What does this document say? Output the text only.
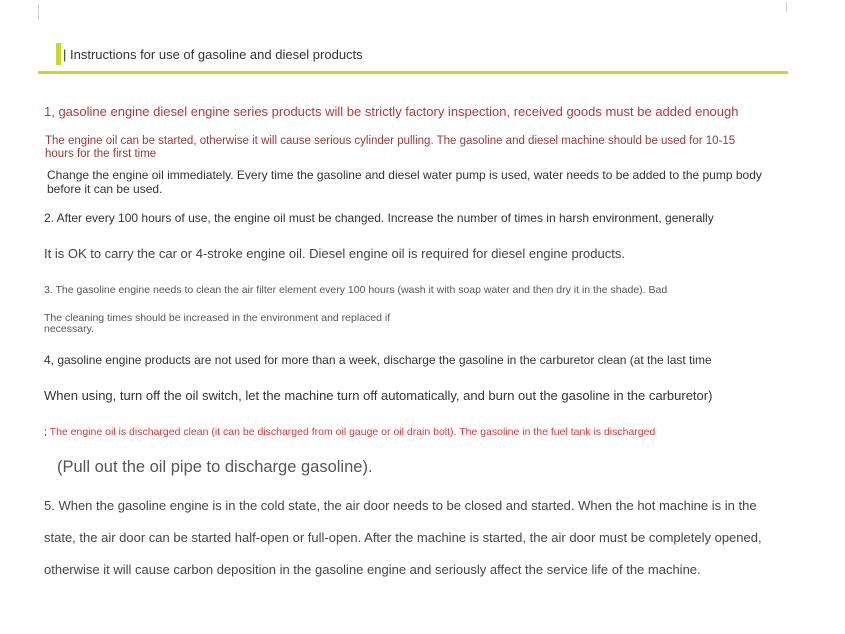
| Instructions for use of gasoline and diesel products
1, gasoline engine diesel engine series products will be strictly factory inspection, received goods must be added enough
The engine oil can be started, otherwise it will cause serious cylinder pulling. The gasoline and diesel machine should be used for 10-15 hours for the first time
Change the engine oil immediately. Every time the gasoline and diesel water pump is used, water needs to be added to the pump body before it can be used.
2. After every 100 hours of use, the engine oil must be changed. Increase the number of times in harsh environment, generally
It is OK to carry the car or 4-stroke engine oil. Diesel engine oil is required for diesel engine products.
3. The gasoline engine needs to clean the air filter element every 100 hours (wash it with soap water and then dry it in the shade). Bad
The cleaning times should be increased in the environment and replaced if necessary.
4, gasoline engine products are not used for more than a week, discharge the gasoline in the carburetor clean (at the last time
When using, turn off the oil switch, let the machine turn off automatically, and burn out the gasoline in the carburetor)
; The engine oil is discharged clean (it can be discharged from oil gauge or oil drain bolt). The gasoline in the fuel tank is discharged
(Pull out the oil pipe to discharge gasoline).
5. When the gasoline engine is in the cold state, the air door needs to be closed and started. When the hot machine is in the
state, the air door can be started half-open or full-open. After the machine is started, the air door must be completely opened,
otherwise it will cause carbon deposition in the gasoline engine and seriously affect the service life of the machine.
